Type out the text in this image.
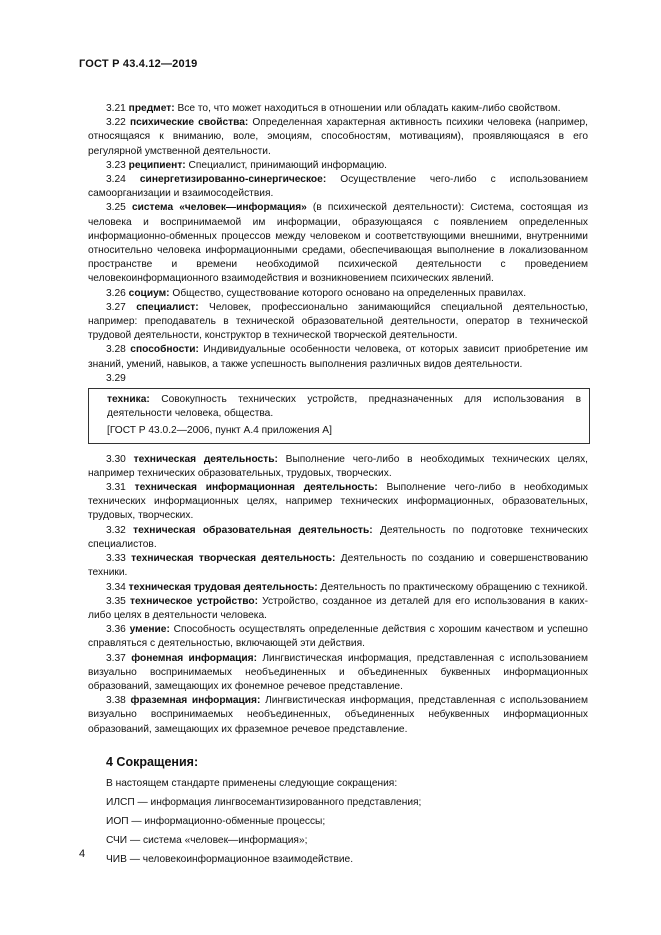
ГОСТ Р 43.4.12—2019

3.21 предмет: Все то, что может находиться в отношении или обладать каким-либо свойством.

3.22 психические свойства: Определенная характерная активность психики человека (например, относящаяся к вниманию, воле, эмоциям, способностям, мотивациям), проявляющаяся в его регулярной умственной деятельности.

3.23 реципиент: Специалист, принимающий информацию.

3.24 синергетизированно-синергическое: Осуществление чего-либо с использованием самоорганизации и взаимосодействия.

3.25 система «человек—информация» (в психической деятельности): Система, состоящая из человека и воспринимаемой им информации, образующаяся с появлением определенных информационно-обменных процессов между человеком и соответствующими внешними, внутренними относительно человека информационными средами, обеспечивающая выполнение в локализованном пространстве и времени необходимой психической деятельности с проведением человекоинформационного взаимодействия и возникновением психических явлений.

3.26 социум: Общество, существование которого основано на определенных правилах.

3.27 специалист: Человек, профессионально занимающийся специальной деятельностью, например: преподаватель в технической образовательной деятельности, оператор в технической трудовой деятельности, конструктор в технической творческой деятельности.

3.28 способности: Индивидуальные особенности человека, от которых зависит приобретение им знаний, умений, навыков, а также успешность выполнения различных видов деятельности.

3.29

техника: Совокупность технических устройств, предназначенных для использования в деятельности человека, общества.

[ГОСТ Р 43.0.2—2006, пункт А.4 приложения А]

3.30 техническая деятельность: Выполнение чего-либо в необходимых технических целях, например технических образовательных, трудовых, творческих.

3.31 техническая информационная деятельность: Выполнение чего-либо в необходимых технических информационных целях, например технических информационных, образовательных, трудовых, творческих.

3.32 техническая образовательная деятельность: Деятельность по подготовке технических специалистов.

3.33 техническая творческая деятельность: Деятельность по созданию и совершенствованию техники.

3.34 техническая трудовая деятельность: Деятельность по практическому обращению с техникой.

3.35 техническое устройство: Устройство, созданное из деталей для его использования в каких-либо целях в деятельности человека.

3.36 умение: Способность осуществлять определенные действия с хорошим качеством и успешно справляться с деятельностью, включающей эти действия.

3.37 фонемная информация: Лингвистическая информация, представленная с использованием визуально воспринимаемых необъединенных и объединенных буквенных информационных образований, замещающих их фонемное речевое представление.

3.38 фраземная информация: Лингвистическая информация, представленная с использованием визуально воспринимаемых необъединенных, объединенных небуквенных информационных образований, замещающих их фраземное речевое представление.

4 Сокращения:

В настоящем стандарте применены следующие сокращения:

ИЛСП — информация лингвосемантизированного представления;

ИОП — информационно-обменные процессы;

СЧИ — система «человек—информация»;

ЧИВ — человекоинформационное взаимодействие.

4
